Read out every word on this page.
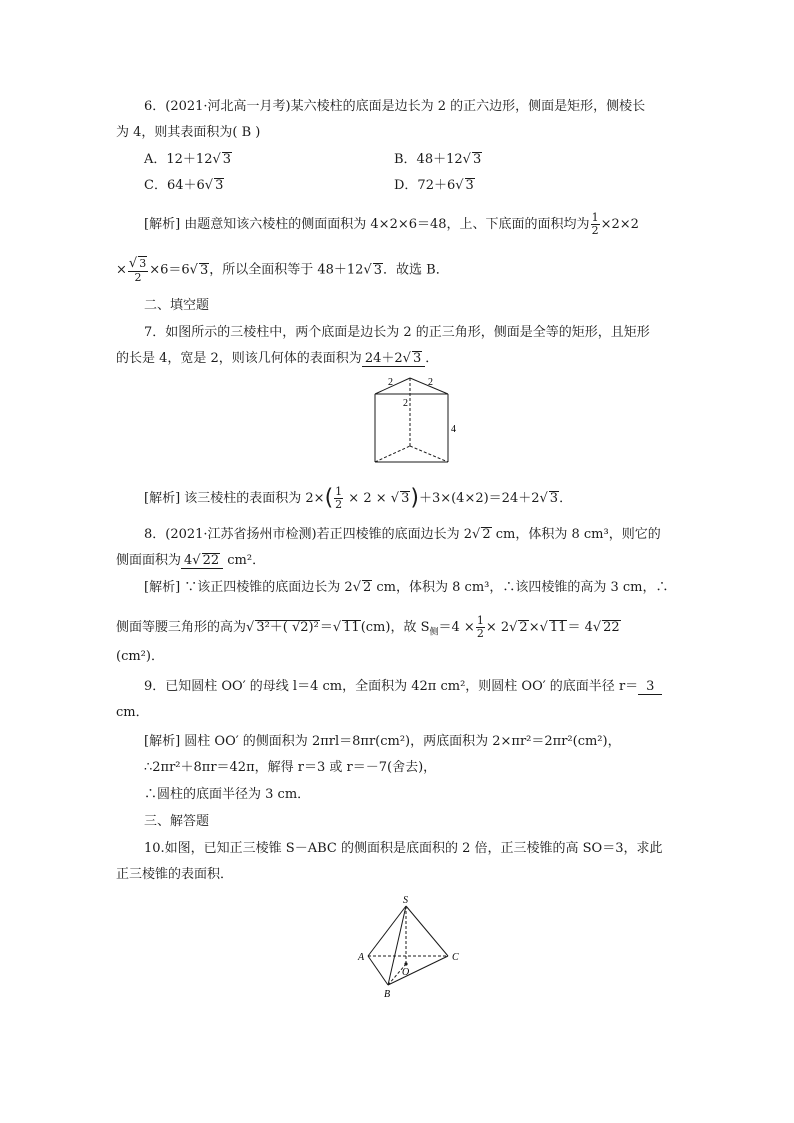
6．(2021·河北高一月考)某六棱柱的底面是边长为 2 的正六边形，侧面是矩形，侧棱长
为 4，则其表面积为( B )
A．12＋12√ 3	B．48＋12√ 3
C．64＋6√ 3	D．72＋6√ 3
[解析] 由题意知该六棱柱的侧面面积为 4×2×6＝48，上、下底面的面积均为 $\frac{1}{2} \times 2\times 2$
× $\frac{√ 3}{2} \times 6=6√$ 3，所以全面积等于 48＋12√ 3．故选 B．
二、填空题
7．如图所示的三棱柱中，两个底面是边长为 2 的正三角形，侧面是全等的矩形，且矩形
的长是 4，宽是 2，则该几何体的表面积为 24＋2√ 3 ．
2	2
2
4
[解析] 该三棱柱的表面积为 $2\times( \frac{1}{2} \times 2$ × √ 3)＋3×(4×2)＝24＋2√ 3．
8．(2021·江苏省扬州市检测)若正四棱锥的底面边长为 2√ 2 cm，体积为 8 cm³，则它的
侧面面积为 4√ 22 cm²．
[解析] ∵该正四棱锥的底面边长为 2√ 2 cm，体积为 8 cm³，∴该四棱锥的高为 3 cm，∴
侧面等腰三角形的高为√ 3²＋( √2)²＝√ 11(cm)，故 $S_侧=4 \times \frac{1}{2} \times 2√$ 2×√ 11＝ 4√ 22
(cm²)．
9．已知圆柱 OO′ 的母线 l＝4 cm，全面积为 42π cm²，则圆柱 OO′ 的底面半径 r＝ 3
cm．
[解析] 圆柱 OO′ 的侧面积为 2πrl＝8πr(cm²)，两底面积为 2×πr²＝2πr²(cm²)，
∴2πr²＋8πr＝42π，解得 r＝3 或 r＝－7(舍去)，
∴圆柱的底面半径为 3 cm．
三、解答题
10.如图，已知正三棱锥 S－ABC 的侧面积是底面积的 2 倍，正三棱锥的高 SO＝3，求此
正三棱锥的表面积．
S
A
B
C
O
